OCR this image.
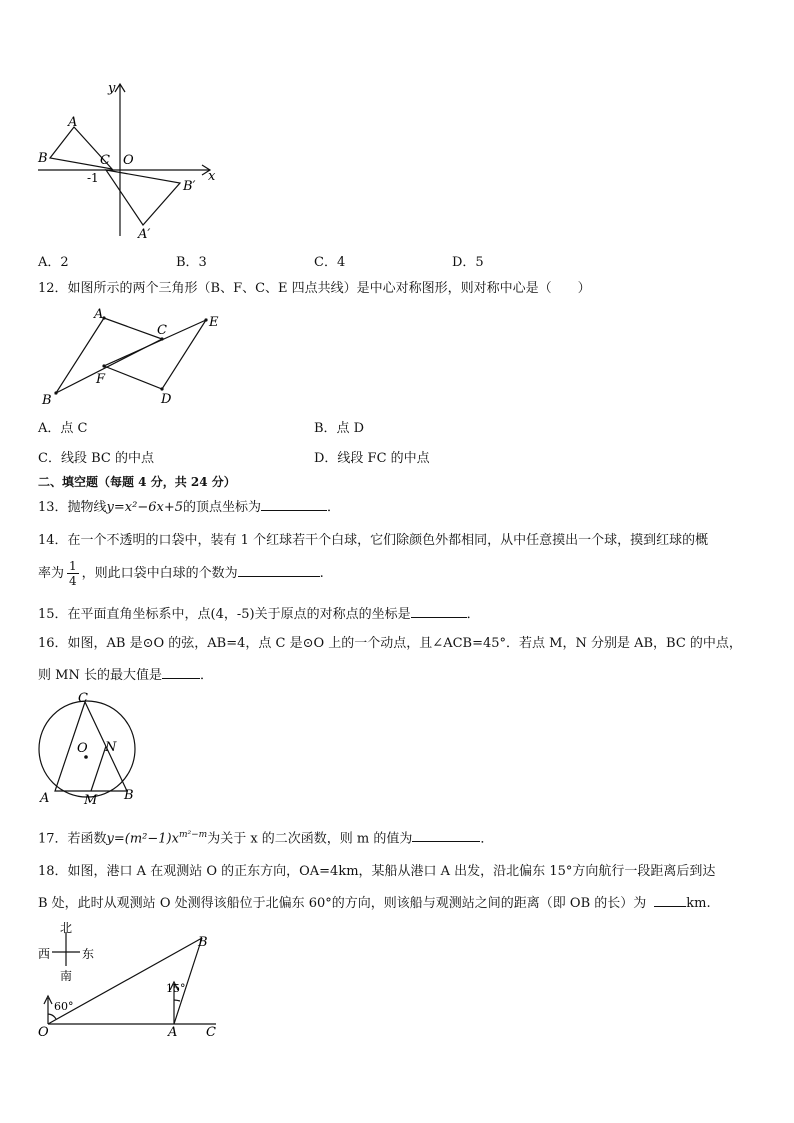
y
x
A
B	C O
-1
B′
A′
A．2	B．3	C．4	D．5
12．如图所示的两个三角形（B、F、C、E 四点共线）是中心对称图形，则对称中心是（　　）
A
B
C
D
E
F
A．点 C	B．点 D
C．线段 BC 的中点	D．线段 FC 的中点
二、填空题（每题 4 分，共 24 分）
13．抛物线y=x²−6x+5的顶点坐标为	．
14．在一个不透明的口袋中，装有 1 个红球若干个白球，它们除颜色外都相同，从中任意摸出一个球，摸到红球的概
率为 $\frac{1}{4}$ ，则此口袋中白球的个数为	.
15．在平面直角坐标系中，点(4，-5)关于原点的对称点的坐标是	．
16．如图，AB 是⊙O 的弦，AB=4，点 C 是⊙O 上的一个动点，且∠ACB=45°．若点 M，N 分别是 AB，BC 的中点，
则 MN 长的最大值是	．
C
O N
A	M B
17．若函数$y=(m^2-1)x^{m^2-m}$为关于 x 的二次函数，则 m 的值为	．
18．如图，港口 A 在观测站 O 的正东方向，OA=4km，某船从港口 A 出发，沿北偏东 15°方向航行一段距离后到达
B 处，此时从观测站 O 处测得该船位于北偏东 60°的方向，则该船与观测站之间的距离（即 OB 的长）为	km.
北
西	东
南
60°
15°
B
O	A C
